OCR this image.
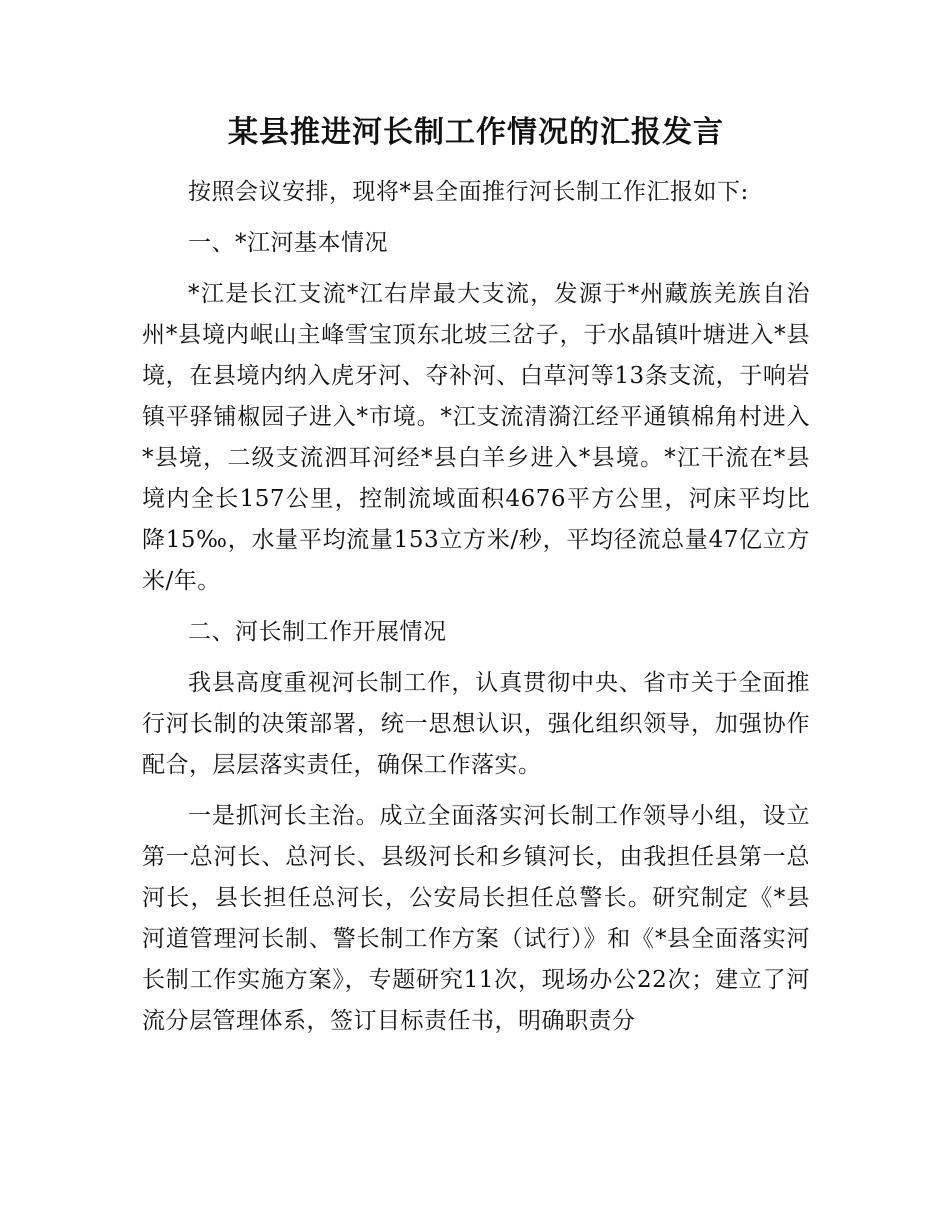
某县推进河长制工作情况的汇报发言

按照会议安排，现将*县全面推行河长制工作汇报如下:

一、*江河基本情况

*江是长江支流*江右岸最大支流，发源于*州藏族羌族自治州*县境内岷山主峰雪宝顶东北坡三岔子，于水晶镇叶塘进入*县境，在县境内纳入虎牙河、夺补河、白草河等13条支流，于响岩镇平驿铺椒园子进入*市境。*江支流清漪江经平通镇棉角村进入*县境，二级支流泗耳河经*县白羊乡进入*县境。*江干流在*县境内全长157公里，控制流域面积4676平方公里，河床平均比降15‰，水量平均流量153立方米/秒，平均径流总量47亿立方米/年。

二、河长制工作开展情况

我县高度重视河长制工作，认真贯彻中央、省市关于全面推行河长制的决策部署，统一思想认识，强化组织领导，加强协作配合，层层落实责任，确保工作落实。

一是抓河长主治。成立全面落实河长制工作领导小组，设立第一总河长、总河长、县级河长和乡镇河长，由我担任县第一总河长，县长担任总河长，公安局长担任总警长。研究制定《*县河道管理河长制、警长制工作方案（试行）》和《*县全面落实河长制工作实施方案》，专题研究11次，现场办公22次；建立了河流分层管理体系，签订目标责任书，明确职责分
